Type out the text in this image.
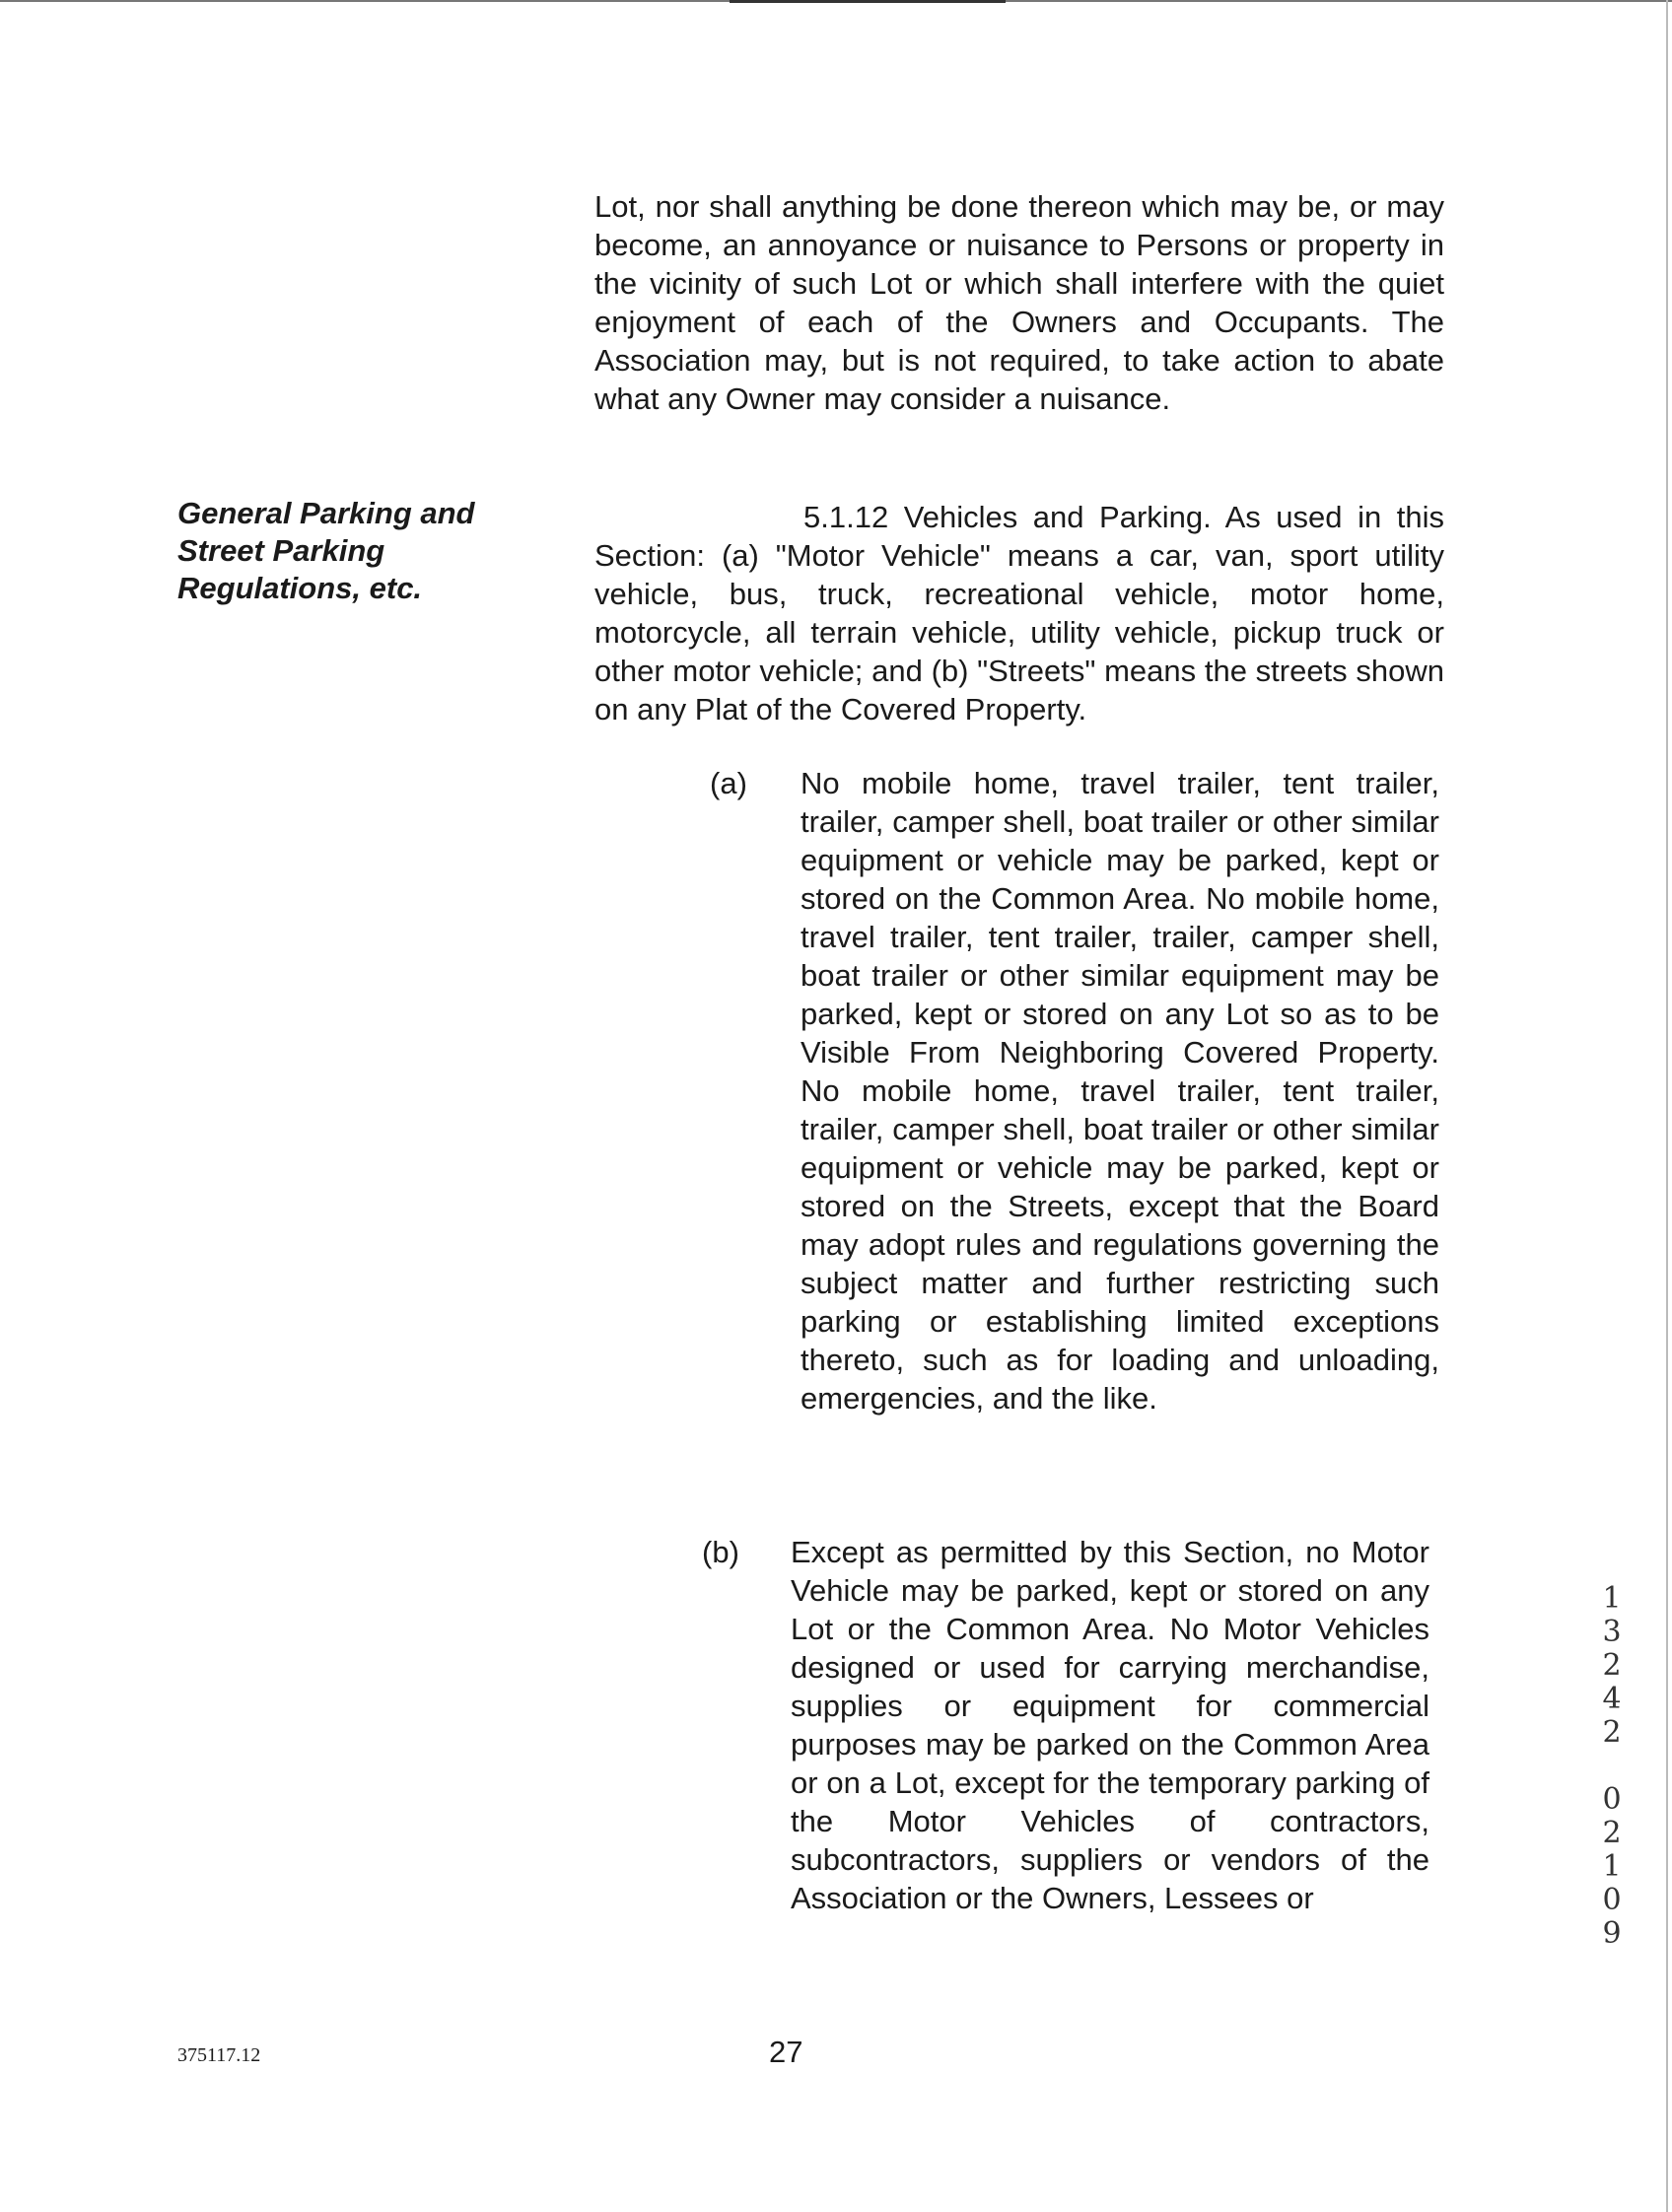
Lot, nor shall anything be done thereon which may be, or may become, an annoyance or nuisance to Persons or property in the vicinity of such Lot or which shall interfere with the quiet enjoyment of each of the Owners and Occupants. The Association may, but is not required, to take action to abate what any Owner may consider a nuisance.

General Parking and
Street Parking
Regulations, etc.

5.1.12 Vehicles and Parking. As used in this Section: (a) "Motor Vehicle" means a car, van, sport utility vehicle, bus, truck, recreational vehicle, motor home, motorcycle, all terrain vehicle, utility vehicle, pickup truck or other motor vehicle; and (b) "Streets" means the streets shown on any Plat of the Covered Property.

(a) No mobile home, travel trailer, tent trailer, trailer, camper shell, boat trailer or other similar equipment or vehicle may be parked, kept or stored on the Common Area. No mobile home, travel trailer, tent trailer, trailer, camper shell, boat trailer or other similar equipment may be parked, kept or stored on any Lot so as to be Visible From Neighboring Covered Property. No mobile home, travel trailer, tent trailer, trailer, camper shell, boat trailer or other similar equipment or vehicle may be parked, kept or stored on the Streets, except that the Board may adopt rules and regulations governing the subject matter and further restricting such parking or establishing limited exceptions thereto, such as for loading and unloading, emergencies, and the like.

(b) Except as permitted by this Section, no Motor Vehicle may be parked, kept or stored on any Lot or the Common Area. No Motor Vehicles designed or used for carrying merchandise, supplies or equipment for commercial purposes may be parked on the Common Area or on a Lot, except for the temporary parking of the Motor Vehicles of contractors, subcontractors, suppliers or vendors of the Association or the Owners, Lessees or

375117.12	27
1
3
2
4
2
0
2
1
0
9
